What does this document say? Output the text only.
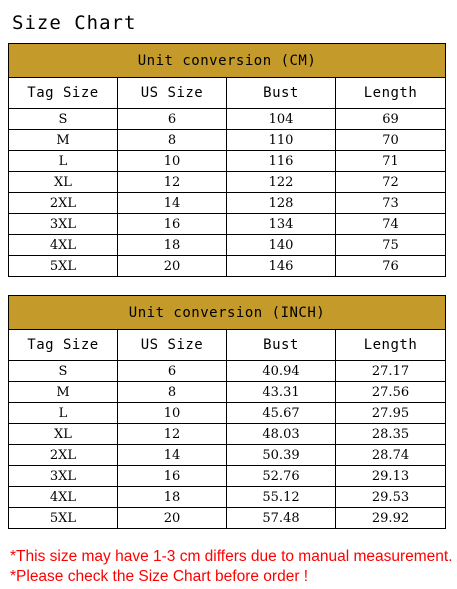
Size Chart
Unit conversion (CM)			
Tag Size	US Size	Bust	Length
S	6	104	69
M	8	110	70
L	10	116	71
XL	12	122	72
2XL	14	128	73
3XL	16	134	74
4XL	18	140	75
5XL	20	146	76
Unit conversion (INCH)			
Tag Size	US Size	Bust	Length
S	6	40.94	27.17
M	8	43.31	27.56
L	10	45.67	27.95
XL	12	48.03	28.35
2XL	14	50.39	28.74
3XL	16	52.76	29.13
4XL	18	55.12	29.53
5XL	20	57.48	29.92
*This size may have 1-3 cm differs due to manual measurement.
*Please check the Size Chart before order !
